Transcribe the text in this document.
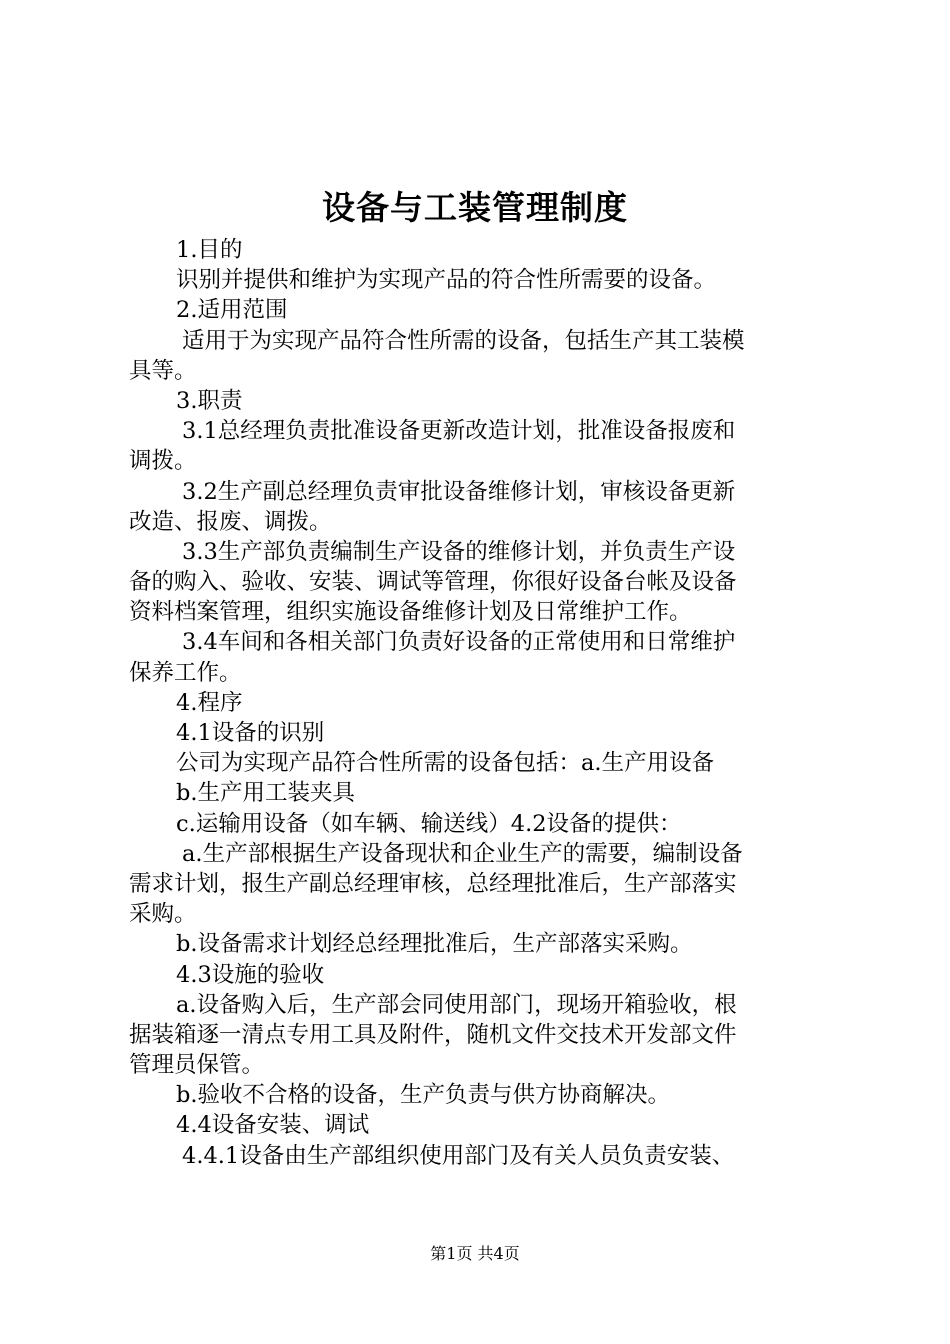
设备与工装管理制度
1.目的
识别并提供和维护为实现产品的符合性所需要的设备。
2.适用范围
适用于为实现产品符合性所需的设备，包括生产其工装模
具等。
3.职责
3.1总经理负责批准设备更新改造计划，批准设备报废和
调拨。
3.2生产副总经理负责审批设备维修计划，审核设备更新
改造、报废、调拨。
3.3生产部负责编制生产设备的维修计划，并负责生产设
备的购入、验收、安装、调试等管理，你很好设备台帐及设备
资料档案管理，组织实施设备维修计划及日常维护工作。
3.4车间和各相关部门负责好设备的正常使用和日常维护
保养工作。
4.程序
4.1设备的识别
公司为实现产品符合性所需的设备包括：a.生产用设备
b.生产用工装夹具
c.运输用设备（如车辆、输送线）4.2设备的提供：
a.生产部根据生产设备现状和企业生产的需要，编制设备
需求计划，报生产副总经理审核，总经理批准后，生产部落实
采购。
b.设备需求计划经总经理批准后，生产部落实采购。
4.3设施的验收
a.设备购入后，生产部会同使用部门，现场开箱验收，根
据装箱逐一清点专用工具及附件，随机文件交技术开发部文件
管理员保管。
b.验收不合格的设备，生产负责与供方协商解决。
4.4设备安装、调试
4.4.1设备由生产部组织使用部门及有关人员负责安装、
第1页 共4页
